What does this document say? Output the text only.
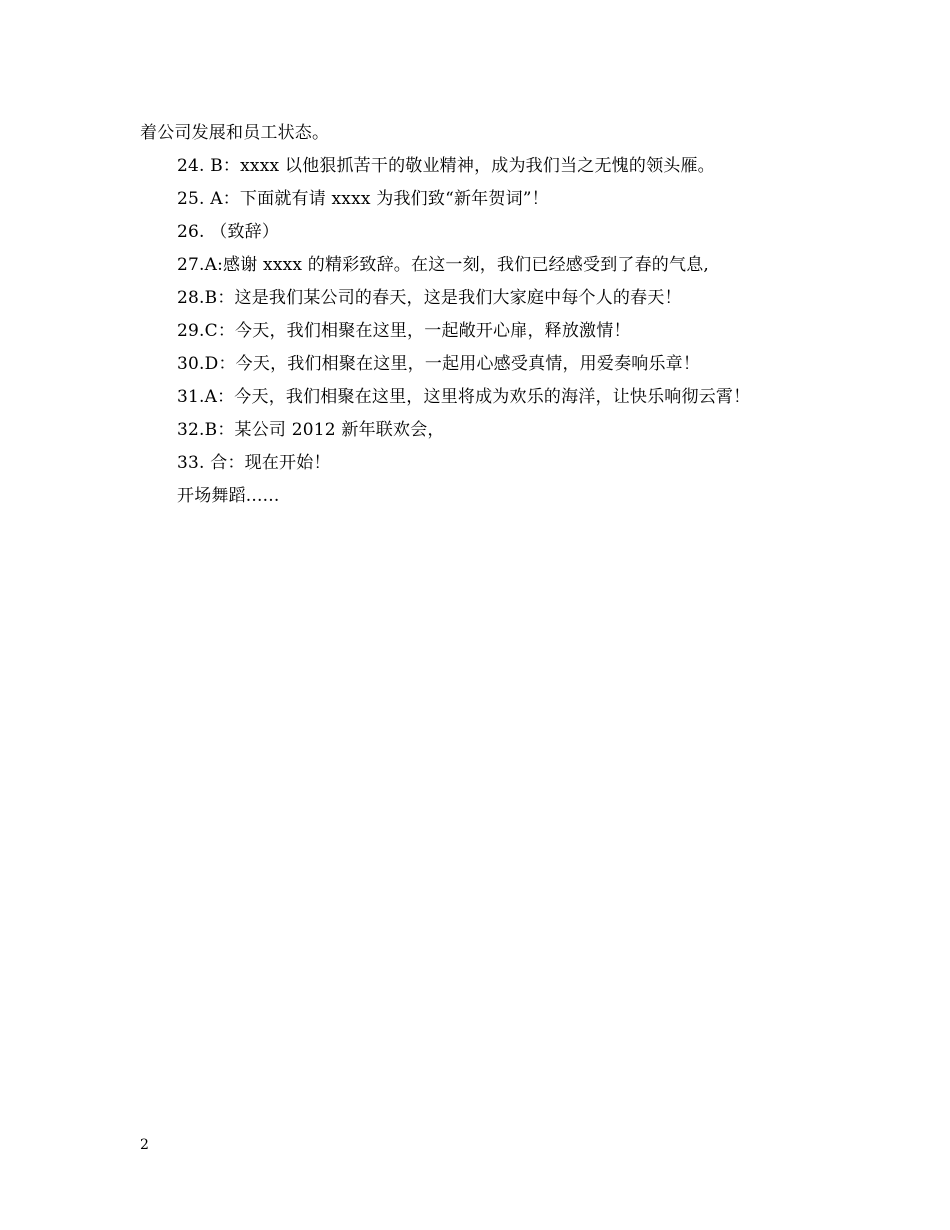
着公司发展和员工状态。
24. B：xxxx 以他狠抓苦干的敬业精神，成为我们当之无愧的领头雁。
25. A：下面就有请 xxxx 为我们致“新年贺词”！
26. （致辞）
27.A:感谢 xxxx 的精彩致辞。在这一刻，我们已经感受到了春的气息,
28.B：这是我们某公司的春天，这是我们大家庭中每个人的春天！
29.C：今天，我们相聚在这里，一起敞开心扉，释放激情！
30.D：今天，我们相聚在这里，一起用心感受真情，用爱奏响乐章！
31.A：今天，我们相聚在这里，这里将成为欢乐的海洋，让快乐响彻云霄！
32.B：某公司 2012 新年联欢会，
33. 合：现在开始！
开场舞蹈......
2
